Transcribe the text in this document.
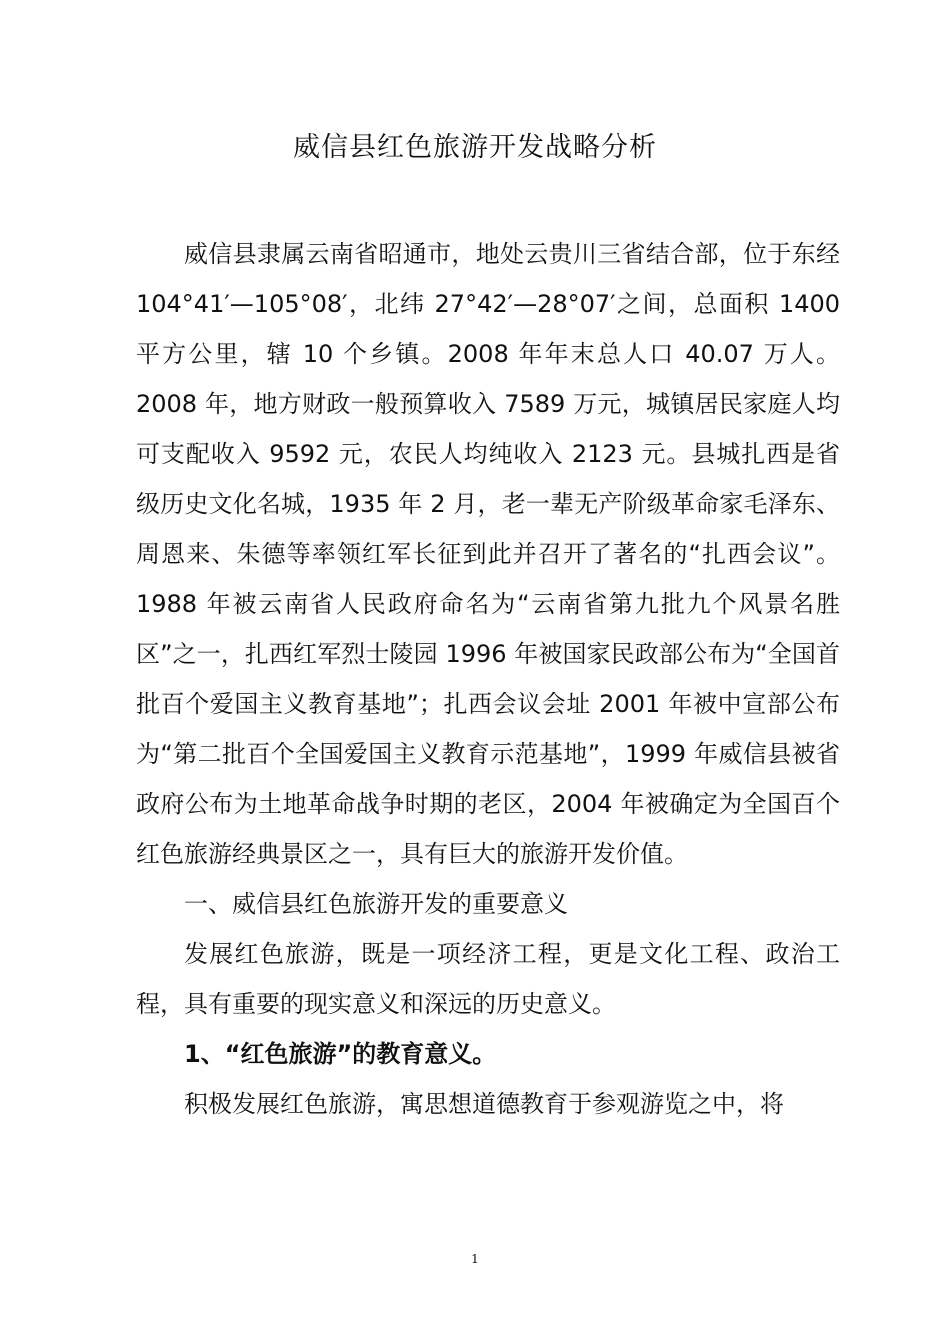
威信县红色旅游开发战略分析

威信县隶属云南省昭通市，地处云贵川三省结合部，位于东经 104°41′—105°08′，北纬 27°42′—28°07′之间，总面积 1400 平方公里，辖 10 个乡镇。2008 年年末总人口 40.07 万人。2008 年，地方财政一般预算收入 7589 万元，城镇居民家庭人均可支配收入 9592 元，农民人均纯收入 2123 元。县城扎西是省级历史文化名城，1935 年 2 月，老一辈无产阶级革命家毛泽东、周恩来、朱德等率领红军长征到此并召开了著名的“扎西会议”。1988 年被云南省人民政府命名为“云南省第九批九个风景名胜区”之一，扎西红军烈士陵园 1996 年被国家民政部公布为“全国首批百个爱国主义教育基地”；扎西会议会址 2001 年被中宣部公布为“第二批百个全国爱国主义教育示范基地”，1999 年威信县被省政府公布为土地革命战争时期的老区，2004 年被确定为全国百个红色旅游经典景区之一，具有巨大的旅游开发价值。

一、威信县红色旅游开发的重要意义

发展红色旅游，既是一项经济工程，更是文化工程、政治工程，具有重要的现实意义和深远的历史意义。

1、“红色旅游”的教育意义。

积极发展红色旅游，寓思想道德教育于参观游览之中，将

1
